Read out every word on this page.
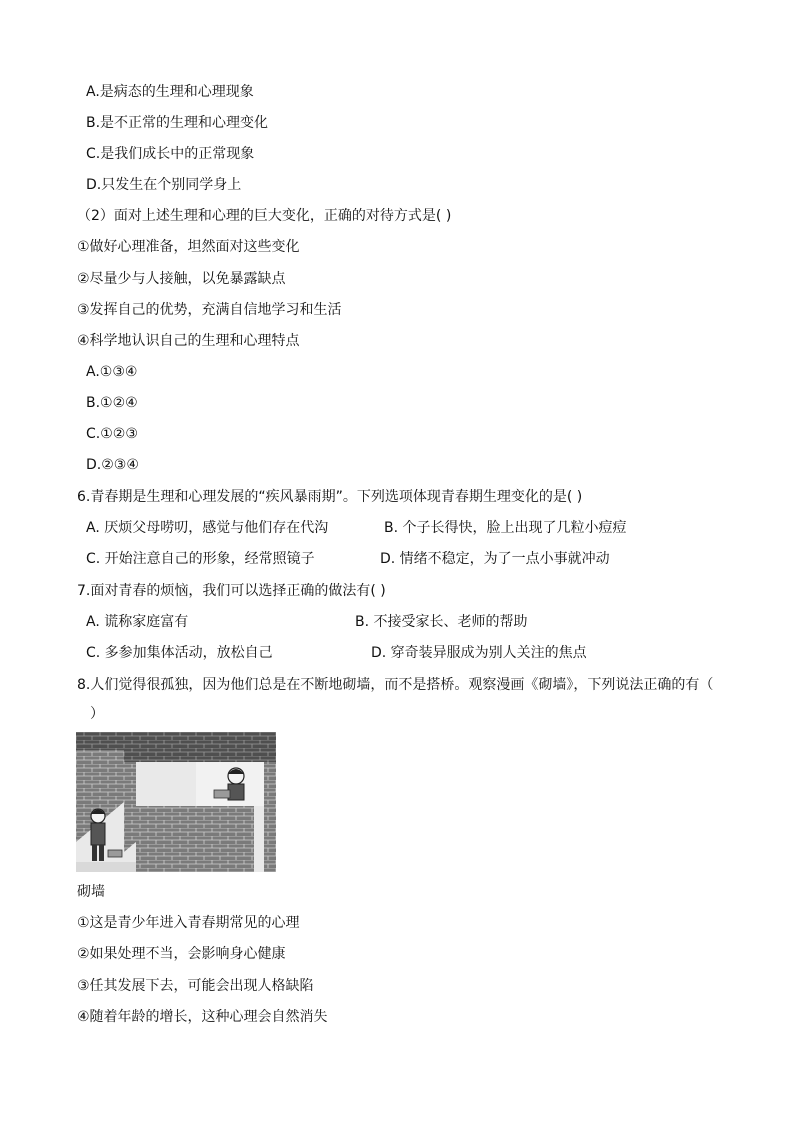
A.是病态的生理和心理现象
B.是不正常的生理和心理变化
C.是我们成长中的正常现象
D.只发生在个别同学身上
（2）面对上述生理和心理的巨大变化，正确的对待方式是( )
①做好心理准备，坦然面对这些变化
②尽量少与人接触，以免暴露缺点
③发挥自己的优势，充满自信地学习和生活
④科学地认识自己的生理和心理特点
A.①③④
B.①②④
C.①②③
D.②③④
6.青春期是生理和心理发展的“疾风暴雨期”。下列选项体现青春期生理变化的是( )
A. 厌烦父母唠叨，感觉与他们存在代沟	B. 个子长得快，脸上出现了几粒小痘痘
C. 开始注意自己的形象，经常照镜子	D. 情绪不稳定，为了一点小事就冲动
7.面对青春的烦恼，我们可以选择正确的做法有( )
A. 谎称家庭富有	B. 不接受家长、老师的帮助
C. 多参加集体活动，放松自己	D. 穿奇装异服成为别人关注的焦点
8.人们觉得很孤独，因为他们总是在不断地砌墙，而不是搭桥。观察漫画《砌墙》，下列说法正确的有（
）
砌墙
①这是青少年进入青春期常见的心理
②如果处理不当，会影响身心健康
③任其发展下去，可能会出现人格缺陷
④随着年龄的增长，这种心理会自然消失
